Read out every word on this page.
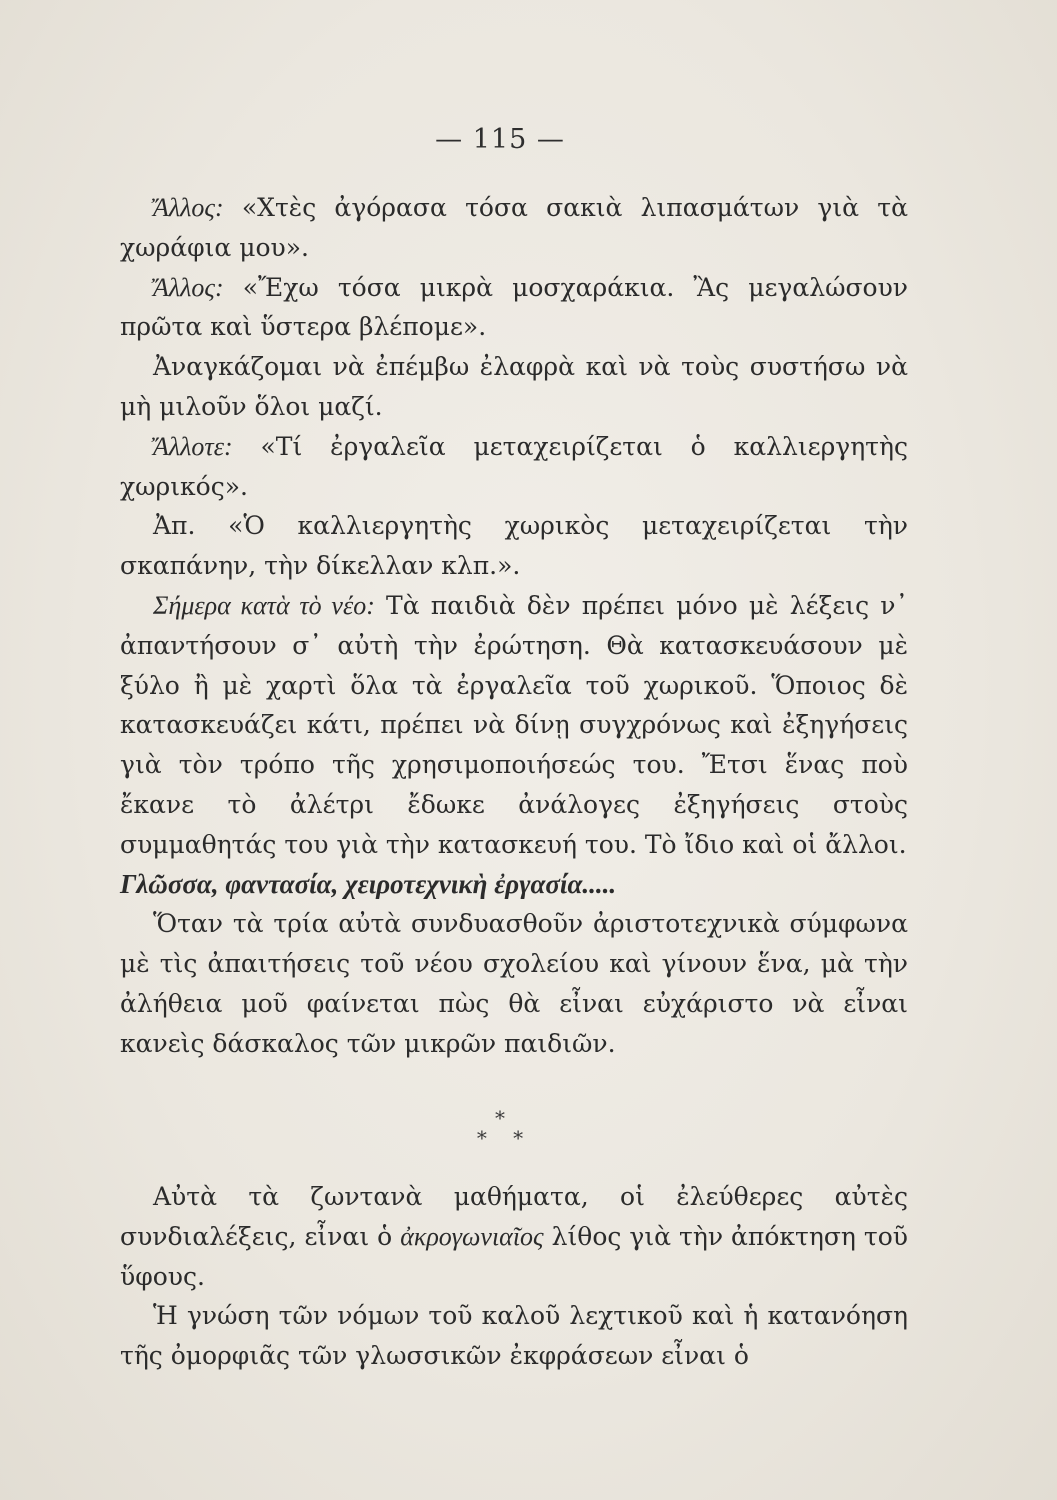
— 115 —

Ἄλλος: «Χτὲς ἀγόρασα τόσα σακιὰ λιπασμάτων γιὰ τὰ χωράφια μου».

Ἄλλος: «Ἔχω τόσα μικρὰ μοσχαράκια. Ἂς μεγαλώσουν πρῶτα καὶ ὕστερα βλέπομε».

Ἀναγκάζομαι νὰ ἐπέμβω ἐλαφρὰ καὶ νὰ τοὺς συστήσω νὰ μὴ μιλοῦν ὅλοι μαζί.

Ἄλλοτε: «Τί ἐργαλεῖα μεταχειρίζεται ὁ καλλιεργητὴς χωρικός».

Ἀπ. «Ὁ καλλιεργητὴς χωρικὸς μεταχειρίζεται τὴν σκαπάνην, τὴν δίκελλαν κλπ.».

Σήμερα κατὰ τὸ νέο: Τὰ παιδιὰ δὲν πρέπει μόνο μὲ λέξεις ν᾿ ἀπαντήσουν σ᾿ αὐτὴ τὴν ἐρώτηση. Θὰ κατασκευάσουν μὲ ξύλο ἢ μὲ χαρτὶ ὅλα τὰ ἐργαλεῖα τοῦ χωρικοῦ. Ὅποιος δὲ κατασκευάζει κάτι, πρέπει νὰ δίνῃ συγχρόνως καὶ ἐξηγήσεις γιὰ τὸν τρόπο τῆς χρησιμοποιήσεώς του. Ἔτσι ἕνας ποὺ ἔκανε τὸ ἀλέτρι ἔδωκε ἀνάλογες ἐξηγήσεις στοὺς συμμαθητάς του γιὰ τὴν κατασκευή του. Τὸ ἴδιο καὶ οἱ ἄλλοι.

Γλῶσσα, φαντασία, χειροτεχνικὴ ἐργασία.....

Ὅταν τὰ τρία αὐτὰ συνδυασθοῦν ἀριστοτεχνικὰ σύμφωνα μὲ τὶς ἀπαιτήσεις τοῦ νέου σχολείου καὶ γίνουν ἕνα, μὰ τὴν ἀλήθεια μοῦ φαίνεται πὼς θὰ εἶναι εὐχάριστο νὰ εἶναι κανεὶς δάσκαλος τῶν μικρῶν παιδιῶν.

*
* *

Αὐτὰ τὰ ζωντανὰ μαθήματα, οἱ ἐλεύθερες αὐτὲς συνδιαλέξεις, εἶναι ὁ ἀκρογωνιαῖος λίθος γιὰ τὴν ἀπόκτηση τοῦ ὕφους.

Ἡ γνώση τῶν νόμων τοῦ καλοῦ λεχτικοῦ καὶ ἡ κατανόηση τῆς ὀμορφιᾶς τῶν γλωσσικῶν ἐκφράσεων εἶναι ὁ
